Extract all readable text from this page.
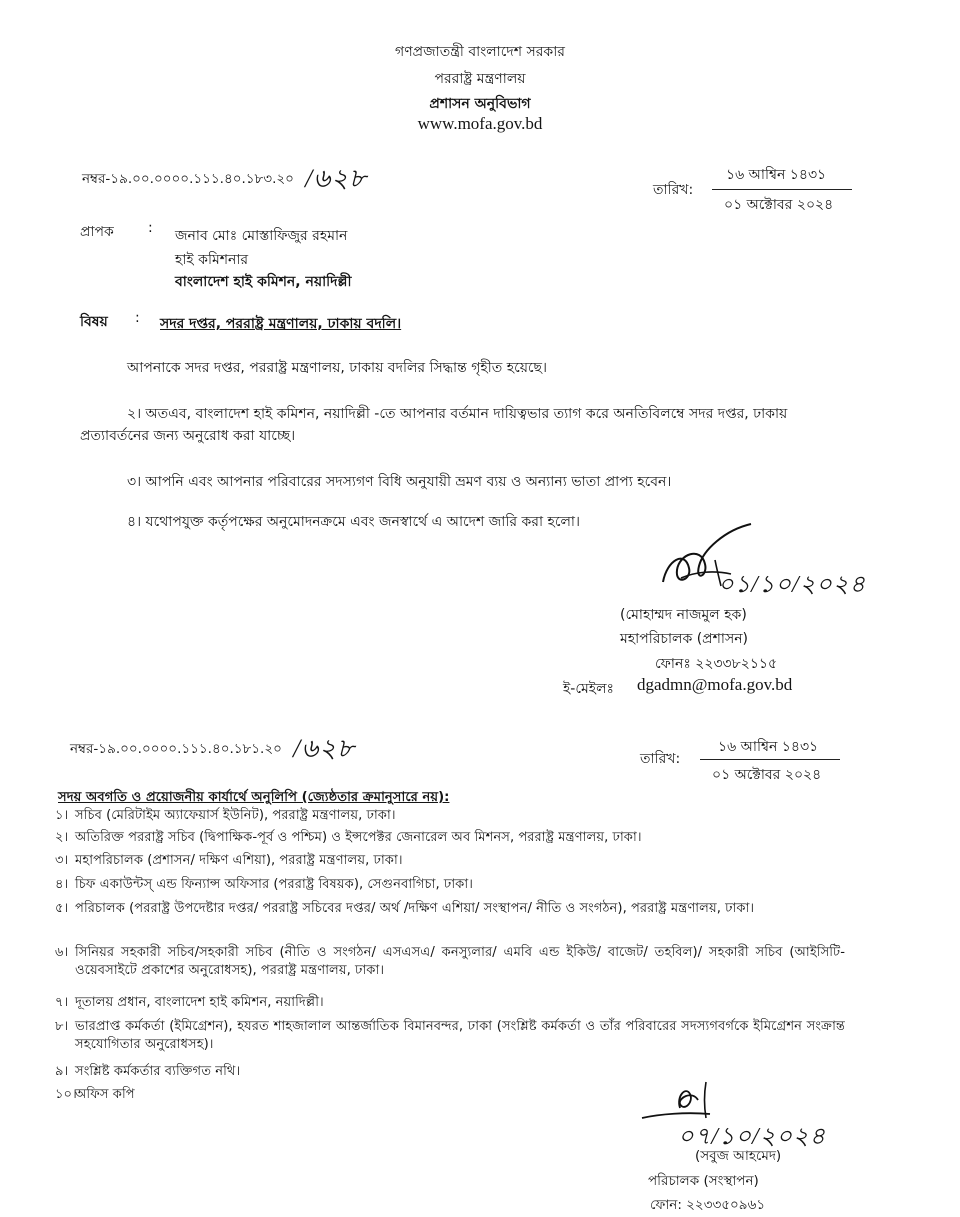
গণপ্রজাতন্ত্রী বাংলাদেশ সরকার
পররাষ্ট্র মন্ত্রণালয়
প্রশাসন অনুবিভাগ
www.mofa.gov.bd
নম্বর-১৯.০০.০০০০.১১১.৪০.১৮৩.২০ /৬২৮	তারিখ:
১৬ আশ্বিন ১৪৩১
০১ অক্টোবর ২০২৪
প্রাপক : জনাব মোঃ মোস্তাফিজুর রহমান
হাই কমিশনার
বাংলাদেশ হাই কমিশন, নয়াদিল্লী
বিষয় : সদর দপ্তর, পররাষ্ট্র মন্ত্রণালয়, ঢাকায় বদলি।
আপনাকে সদর দপ্তর, পররাষ্ট্র মন্ত্রণালয়, ঢাকায় বদলির সিদ্ধান্ত গৃহীত হয়েছে।
২। অতএব, বাংলাদেশ হাই কমিশন, নয়াদিল্লী -তে আপনার বর্তমান দায়িত্বভার ত্যাগ করে অনতিবিলম্বে সদর দপ্তর, ঢাকায়
প্রত্যাবর্তনের জন্য অনুরোধ করা যাচ্ছে।
৩। আপনি এবং আপনার পরিবারের সদস্যগণ বিধি অনুযায়ী ভ্রমণ ব্যয় ও অন্যান্য ভাতা প্রাপ্য হবেন।
৪। যথোপযুক্ত কর্তৃপক্ষের অনুমোদনক্রমে এবং জনস্বার্থে এ আদেশ জারি করা হলো।
০১/১০/২০২৪
(মোহাম্মদ নাজমুল হক)
মহাপরিচালক (প্রশাসন)
ফোনঃ ২২৩৩৮২১১৫
ই-মেইলঃ dgadmn@mofa.gov.bd
নম্বর-১৯.০০.০০০০.১১১.৪০.১৮১.২০ /৬২৮	তারিখ:
১৬ আশ্বিন ১৪৩১
০১ অক্টোবর ২০২৪
সদয় অবগতি ও প্রয়োজনীয় কার্যার্থে অনুলিপি (জ্যেষ্ঠতার ক্রমানুসারে নয়):
১। সচিব (মেরিটাইম অ্যাফেয়ার্স ইউনিট), পররাষ্ট্র মন্ত্রণালয়, ঢাকা।
২। অতিরিক্ত পররাষ্ট্র সচিব (দ্বিপাক্ষিক-পূর্ব ও পশ্চিম) ও ইন্সপেক্টর জেনারেল অব মিশনস, পররাষ্ট্র মন্ত্রণালয়, ঢাকা।
৩। মহাপরিচালক (প্রশাসন/ দক্ষিণ এশিয়া), পররাষ্ট্র মন্ত্রণালয়, ঢাকা।
৪। চিফ একাউন্টস্ এন্ড ফিন্যান্স অফিসার (পররাষ্ট্র বিষয়ক), সেগুনবাগিচা, ঢাকা।
৫। পরিচালক (পররাষ্ট্র উপদেষ্টার দপ্তর/ পররাষ্ট্র সচিবের দপ্তর/ অর্থ /দক্ষিণ এশিয়া/ সংস্থাপন/ নীতি ও সংগঠন), পররাষ্ট্র মন্ত্রণালয়, ঢাকা।
৬। সিনিয়র সহকারী সচিব/সহকারী সচিব (নীতি ও সংগঠন/ এসএসএ/ কনস্যুলার/ এমবি এন্ড ইকিউ/ বাজেট/ তহবিল)/ সহকারী সচিব (আইসিটি-ওয়েবসাইটে প্রকাশের অনুরোধসহ), পররাষ্ট্র মন্ত্রণালয়, ঢাকা।
৭। দূতালয় প্রধান, বাংলাদেশ হাই কমিশন, নয়াদিল্লী।
৮। ভারপ্রাপ্ত কর্মকর্তা (ইমিগ্রেশন), হযরত শাহজালাল আন্তর্জাতিক বিমানবন্দর, ঢাকা (সংশ্লিষ্ট কর্মকর্তা ও তাঁর পরিবারের সদস্যগবর্গকে ইমিগ্রেশন সংক্রান্ত সহযোগিতার অনুরোধসহ)।
৯। সংশ্লিষ্ট কর্মকর্তার ব্যক্তিগত নথি।
১০।
অফিস কপি
০৭/১০/২০২৪
(সবুজ আহমেদ)
পরিচালক (সংস্থাপন)
ফোন: ২২৩৩৫০৯৬১
